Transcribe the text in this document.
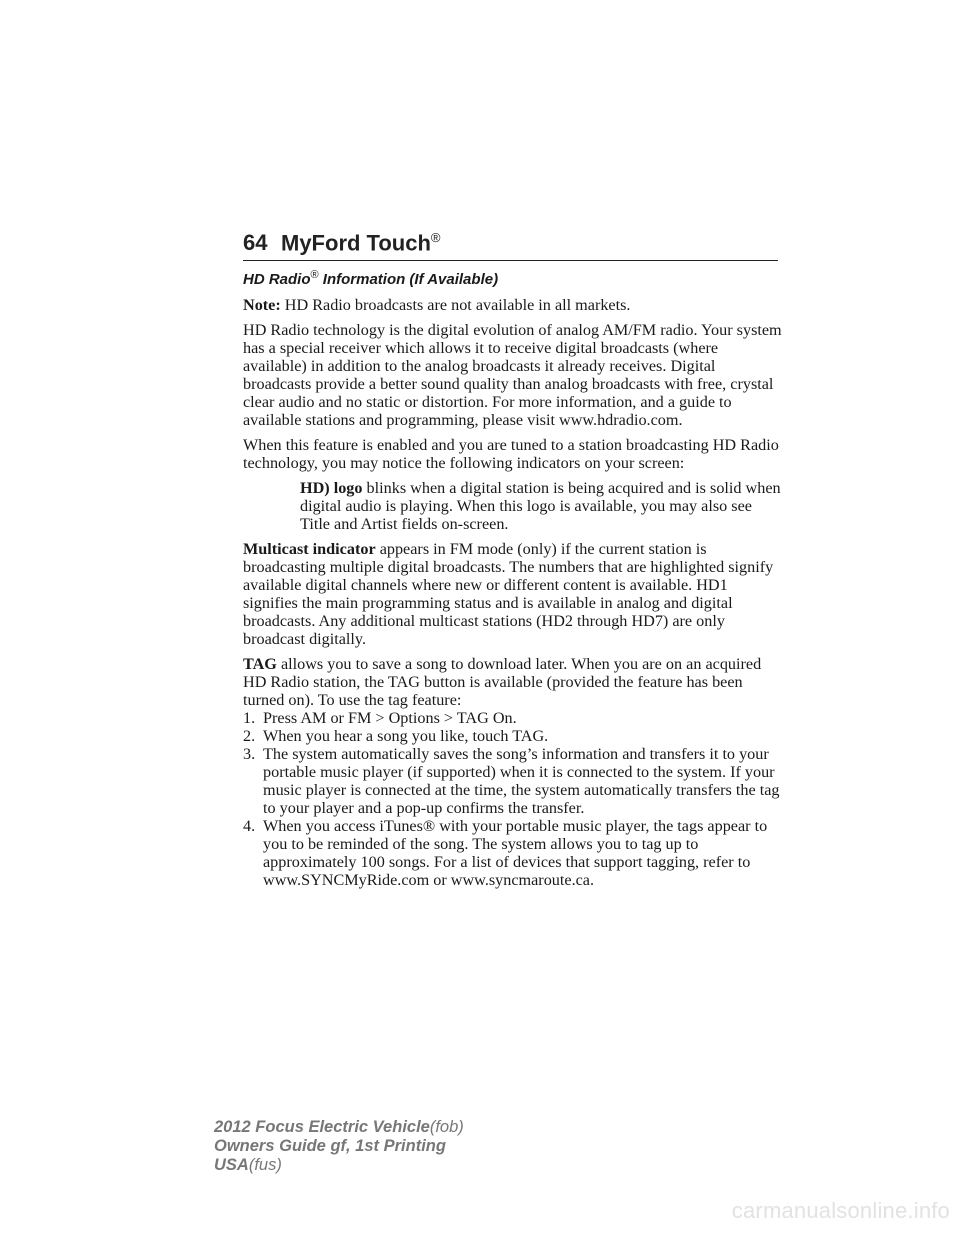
64 MyFord Touch®
HD Radio® Information (If Available)

Note: HD Radio broadcasts are not available in all markets.

HD Radio technology is the digital evolution of analog AM/FM radio. Your system has a special receiver which allows it to receive digital broadcasts (where available) in addition to the analog broadcasts it already receives. Digital broadcasts provide a better sound quality than analog broadcasts with free, crystal clear audio and no static or distortion. For more information, and a guide to available stations and programming, please visit www.hdradio.com.

When this feature is enabled and you are tuned to a station broadcasting HD Radio technology, you may notice the following indicators on your screen:

HD) logo blinks when a digital station is being acquired and is solid when digital audio is playing. When this logo is available, you may also see Title and Artist fields on-screen.

Multicast indicator appears in FM mode (only) if the current station is broadcasting multiple digital broadcasts. The numbers that are highlighted signify available digital channels where new or different content is available. HD1 signifies the main programming status and is available in analog and digital broadcasts. Any additional multicast stations (HD2 through HD7) are only broadcast digitally.

TAG allows you to save a song to download later. When you are on an acquired HD Radio station, the TAG button is available (provided the feature has been turned on). To use the tag feature:

1. Press AM or FM > Options > TAG On.
2. When you hear a song you like, touch TAG.
3. The system automatically saves the song’s information and transfers it to your portable music player (if supported) when it is connected to the system. If your music player is connected at the time, the system automatically transfers the tag to your player and a pop-up confirms the transfer.
4. When you access iTunes® with your portable music player, the tags appear to you to be reminded of the song. The system allows you to tag up to approximately 100 songs. For a list of devices that support tagging, refer to www.SYNCMyRide.com or www.syncmaroute.ca.
2012 Focus Electric Vehicle(fob)
Owners Guide gf, 1st Printing
USA(fus)
carmanualsonline.info
